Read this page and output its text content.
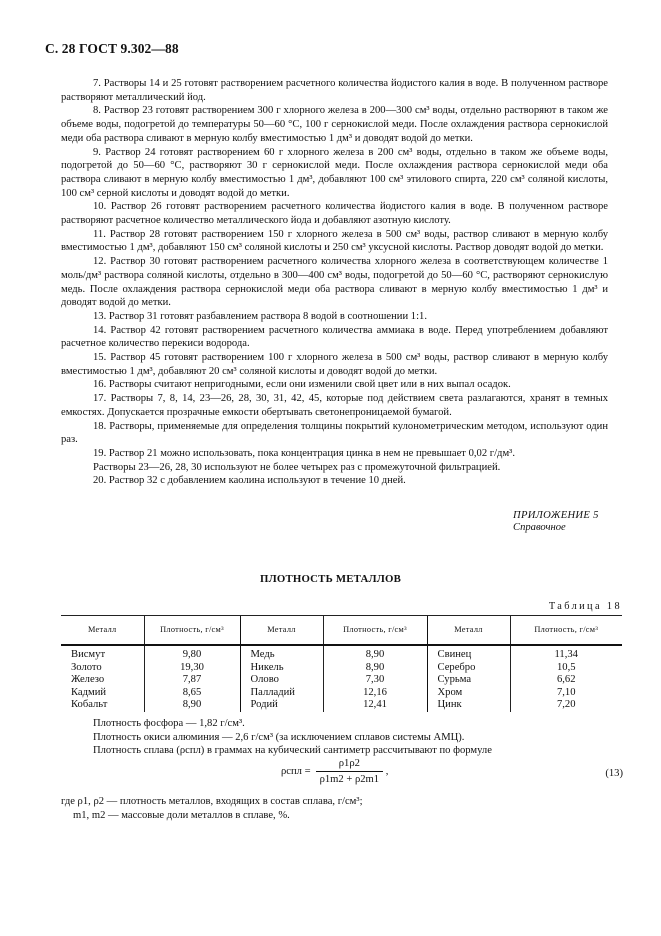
С. 28 ГОСТ 9.302—88

7. Растворы 14 и 25 готовят растворением расчетного количества йодистого калия в воде. В полученном растворе растворяют металлический йод.

8. Раствор 23 готовят растворением 300 г хлорного железа в 200—300 см³ воды, отдельно растворяют в таком же объеме воды, подогретой до температуры 50—60 °С, 100 г сернокислой меди. После охлаждения раствора сернокислой меди оба раствора сливают в мерную колбу вместимостью 1 дм³ и доводят водой до метки.

9. Раствор 24 готовят растворением 60 г хлорного железа в 200 см³ воды, отдельно в таком же объеме воды, подогретой до 50—60 °С, растворяют 30 г сернокислой меди. После охлаждения раствора сернокислой меди оба раствора сливают в мерную колбу вместимостью 1 дм³, добавляют 100 см³ этилового спирта, 220 см³ соляной кислоты, 100 см³ серной кислоты и доводят водой до метки.

10. Раствор 26 готовят растворением расчетного количества йодистого калия в воде. В полученном растворе растворяют расчетное количество металлического йода и добавляют азотную кислоту.

11. Раствор 28 готовят растворением 150 г хлорного железа в 500 см³ воды, раствор сливают в мерную колбу вместимостью 1 дм³, добавляют 150 см³ соляной кислоты и 250 см³ уксусной кислоты. Раствор доводят водой до метки.

12. Раствор 30 готовят растворением расчетного количества хлорного железа в соответствующем количестве 1 моль/дм³ раствора соляной кислоты, отдельно в 300—400 см³ воды, подогретой до 50—60 °С, растворяют сернокислую медь. После охлаждения раствора сернокислой меди оба раствора сливают в мерную колбу вместимостью 1 дм³ и доводят водой до метки.

13. Раствор 31 готовят разбавлением раствора 8 водой в соотношении 1:1.

14. Раствор 42 готовят растворением расчетного количества аммиака в воде. Перед употреблением добавляют расчетное количество перекиси водорода.

15. Раствор 45 готовят растворением 100 г хлорного железа в 500 см³ воды, раствор сливают в мерную колбу вместимостью 1 дм³, добавляют 20 см³ соляной кислоты и доводят водой до метки.

16. Растворы считают непригодными, если они изменили свой цвет или в них выпал осадок.

17. Растворы 7, 8, 14, 23—26, 28, 30, 31, 42, 45, которые под действием света разлагаются, хранят в темных емкостях. Допускается прозрачные емкости обертывать светонепроницаемой бумагой.

18. Растворы, применяемые для определения толщины покрытий кулонометрическим методом, используют один раз.

19. Раствор 21 можно использовать, пока концентрация цинка в нем не превышает 0,02 г/дм³.

Растворы 23—26, 28, 30 используют не более четырех раз с промежуточной фильтрацией.

20. Раствор 32 с добавлением каолина используют в течение 10 дней.

ПРИЛОЖЕНИЕ 5
Справочное
ПЛОТНОСТЬ МЕТАЛЛОВ
Таблица 18
Металл	Плотность, г/см³	Металл	Плотность, г/см³	Металл	Плотность, г/см³
Висмут	9,80	Медь	8,90	Свинец	11,34
Золото	19,30	Никель	8,90	Серебро	10,5
Железо	7,87	Олово	7,30	Сурьма	6,62
Кадмий	8,65	Палладий	12,16	Хром	7,10
Кобальт	8,90	Родий	12,41	Цинк	7,20

Плотность фосфора — 1,82 г/см³.

Плотность окиси алюминия — 2,6 г/см³ (за исключением сплавов системы АМЦ).

Плотность сплава (ρспл) в граммах на кубический сантиметр рассчитывают по формуле

$\rho спл = \frac{\rho 1\rho 2}{\rho 1m2 + \rho 2m1}$ ,	(13)

где ρ1, ρ2 — плотность металлов, входящих в состав сплава, г/см³;

m1, m2 — массовые доли металлов в сплаве, %.
